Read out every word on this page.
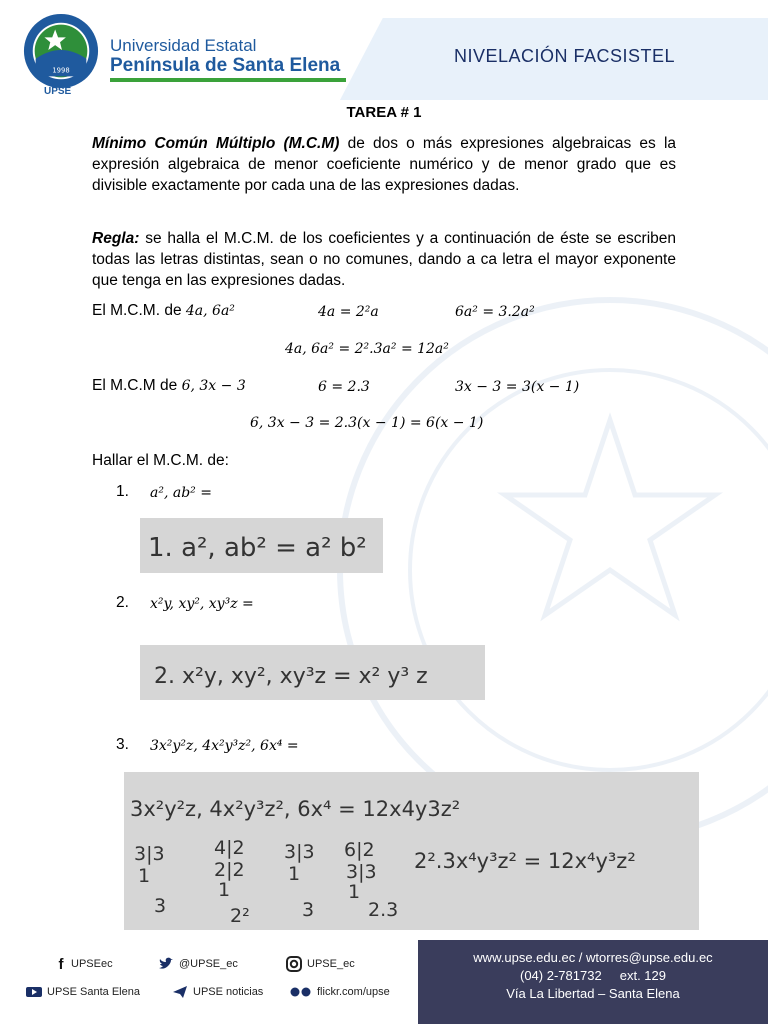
1998
UPSE
Universidad Estatal
Península de Santa Elena	NIVELACIÓN FACSISTEL
TAREA # 1
Mínimo Común Múltiplo (M.C.M) de dos o más expresiones algebraicas es la expresión algebraica de menor coeficiente numérico y de menor grado que es divisible exactamente por cada una de las expresiones dadas.
Regla: se halla el M.C.M. de los coeficientes y a continuación de éste se escriben todas las letras distintas, sean o no comunes, dando a ca letra el mayor exponente que tenga en las expresiones dadas.
El M.C.M. de 4a, 6a²	4a = 2²a	6a² = 3.2a²
4a, 6a² = 2².3a² = 12a²
El M.C.M de 6, 3x − 3	6 = 2.3	3x − 3 = 3(x − 1)
6, 3x − 3 = 2.3(x − 1) = 6(x − 1)
Hallar el M.C.M. de:
1. a², ab² =
1. a², ab² = a² b²
2. x²y, xy², xy³z =
2. x²y, xy², xy³z = x² y³ z
3. 3x²y²z, 4x²y³z², 6x⁴ =
3x²y²z, 4x²y³z², 6x⁴ = 12x4y3z²
3|3
1
3
4|2
2|2
1
2²
3|3
1
3
6|2
3|3
1
2.3
2².3x⁴y³z² = 12x⁴y³z²
f UPSEec	@UPSE_ec	UPSE_ec
UPSE Santa Elena	UPSE noticias	flickr.com/upse
www.upse.edu.ec / wtorres@upse.edu.ec
(04) 2-781732     ext. 129
Vía La Libertad – Santa Elena
